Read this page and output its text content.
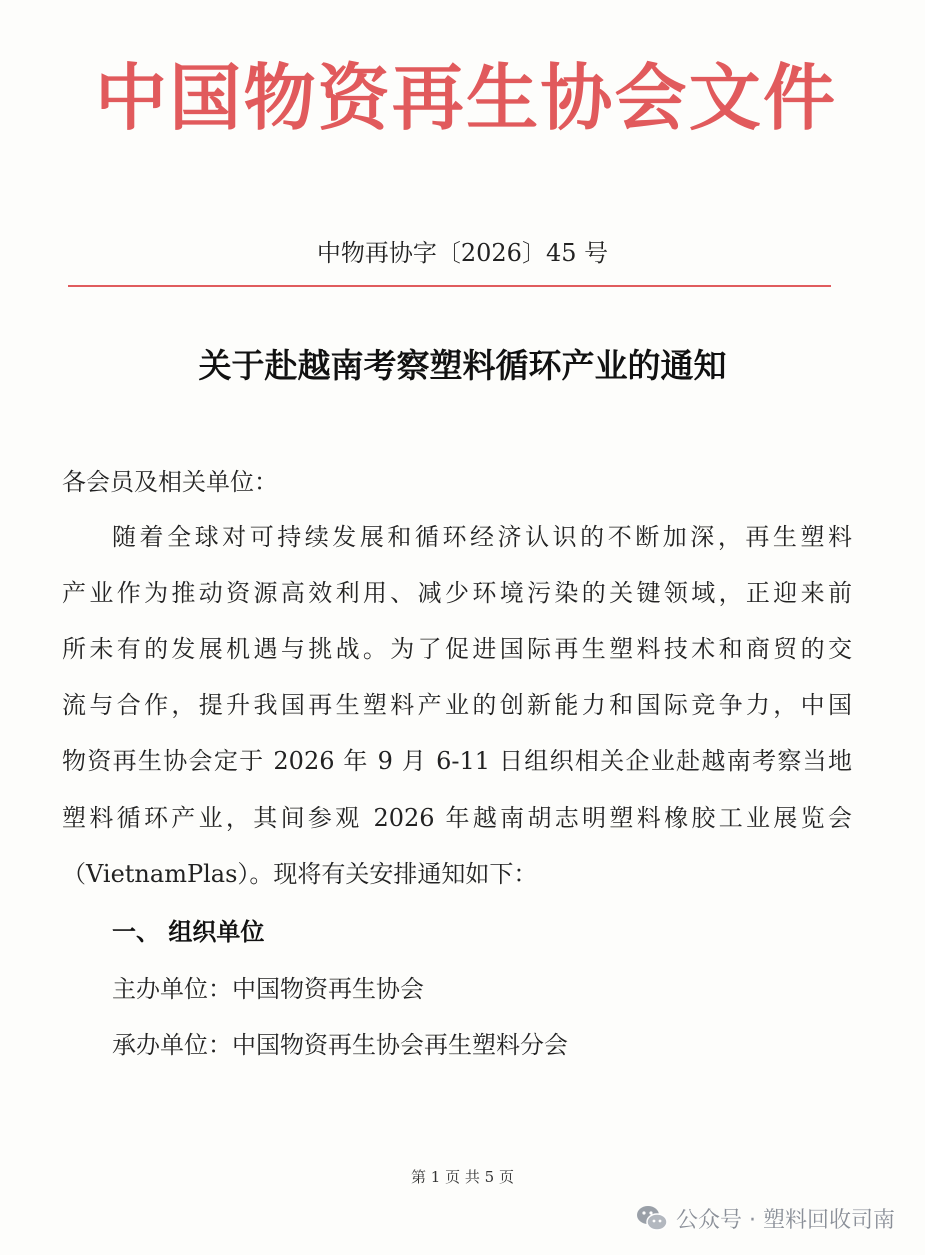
中 国 物 资 再 生 协 会 文 件
中物再协字〔2026〕45 号
关于赴越南考察塑料循环产业的通知
各会员及相关单位：
随着全球对可持续发展和循环经济认识的不断加深，再生塑料
产业作为推动资源高效利用、减少环境污染的关键领域，正迎来前
所未有的发展机遇与挑战。为了促进国际再生塑料技术和商贸的交
流与合作，提升我国再生塑料产业的创新能力和国际竞争力，中国
物资再生协会定于 2026 年 9 月 6-11 日组织相关企业赴越南考察当地
塑料循环产业，其间参观 2026 年越南胡志明塑料橡胶工业展览会
（VietnamPlas）。现将有关安排通知如下：
一、 组织单位
主办单位：中国物资再生协会
承办单位：中国物资再生协会再生塑料分会
第 1 页 共 5 页
公众号 · 塑料回收司南
